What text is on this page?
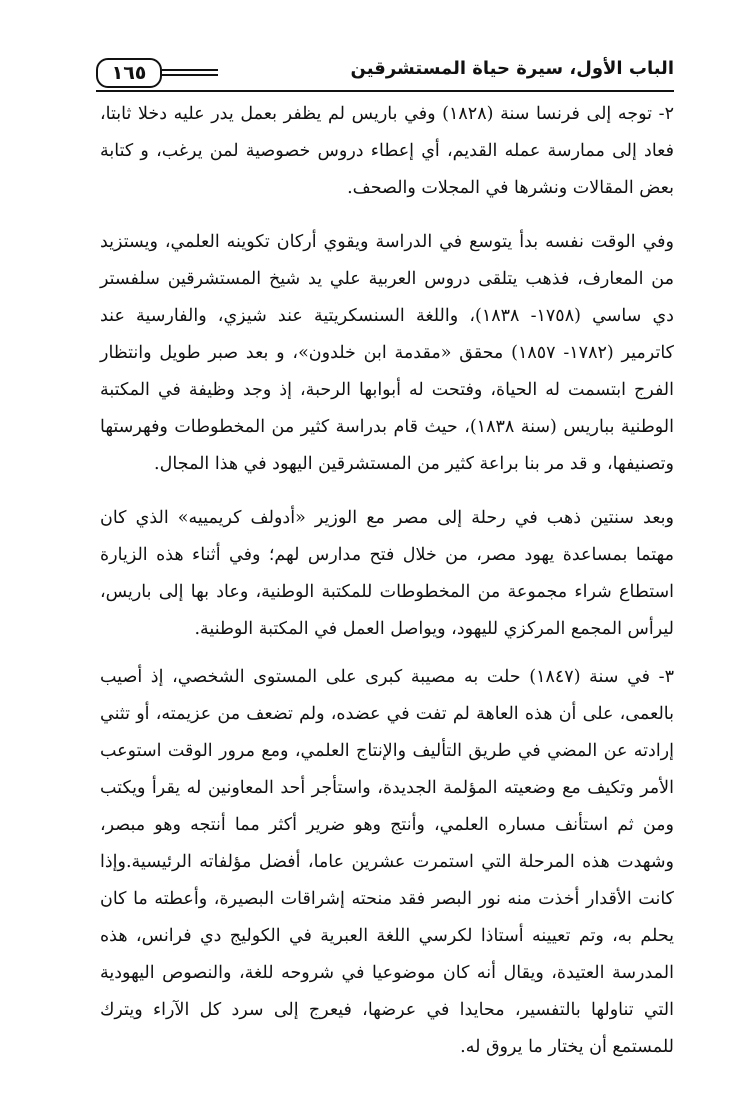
١٦٥	الباب الأول، سيرة حياة المستشرقين

٢- توجه إلى فرنسا سنة (١٨٢٨) وفي باريس لم يظفر بعمل يدر عليه دخلا ثابتا، فعاد إلى ممارسة عمله القديم، أي إعطاء دروس خصوصية لمن يرغب، و كتابة بعض المقالات ونشرها في المجلات والصحف.

وفي الوقت نفسه بدأ يتوسع في الدراسة ويقوي أركان تكوينه العلمي، ويستزيد من المعارف، فذهب يتلقى دروس العربية علي يد شيخ المستشرقين سلفستر دي ساسي (١٧٥٨- ١٨٣٨)، واللغة السنسكريتية عند شيزي، والفارسية عند كاترمير (١٧٨٢- ١٨٥٧) محقق «مقدمة ابن خلدون»، و بعد صبر طويل وانتظار الفرج ابتسمت له الحياة، وفتحت له أبوابها الرحبة، إذ وجد وظيفة في المكتبة الوطنية بباريس (سنة ١٨٣٨)، حيث قام بدراسة كثير من المخطوطات وفهرستها وتصنيفها، و قد مر بنا براعة كثير من المستشرقين اليهود في هذا المجال.

وبعد سنتين ذهب في رحلة إلى مصر مع الوزير «أدولف كريمييه» الذي كان مهتما بمساعدة يهود مصر، من خلال فتح مدارس لهم؛ وفي أثناء هذه الزيارة استطاع شراء مجموعة من المخطوطات للمكتبة الوطنية، وعاد بها إلى باريس، ليرأس المجمع المركزي لليهود، ويواصل العمل في المكتبة الوطنية.

٣- في سنة (١٨٤٧) حلت به مصيبة كبرى على المستوى الشخصي، إذ أصيب بالعمى، على أن هذه العاهة لم تفت في عضده، ولم تضعف من عزيمته، أو تثني إرادته عن المضي في طريق التأليف والإنتاج العلمي، ومع مرور الوقت استوعب الأمر وتكيف مع وضعيته المؤلمة الجديدة، واستأجر أحد المعاونين له يقرأ ويكتب ومن ثم استأنف مساره العلمي، وأنتج وهو ضرير أكثر مما أنتجه وهو مبصر، وشهدت هذه المرحلة التي استمرت عشرين عاما، أفضل مؤلفاته الرئيسية.وإذا كانت الأقدار أخذت منه نور البصر فقد منحته إشراقات البصيرة، وأعطته ما كان يحلم به، وتم تعيينه أستاذا لكرسي اللغة العبرية في الكوليج دي فرانس، هذه المدرسة العتيدة، ويقال أنه كان موضوعيا في شروحه للغة، والنصوص اليهودية التي تناولها بالتفسير، محايدا في عرضها، فيعرج إلى سرد كل الآراء ويترك للمستمع أن يختار ما يروق له.
